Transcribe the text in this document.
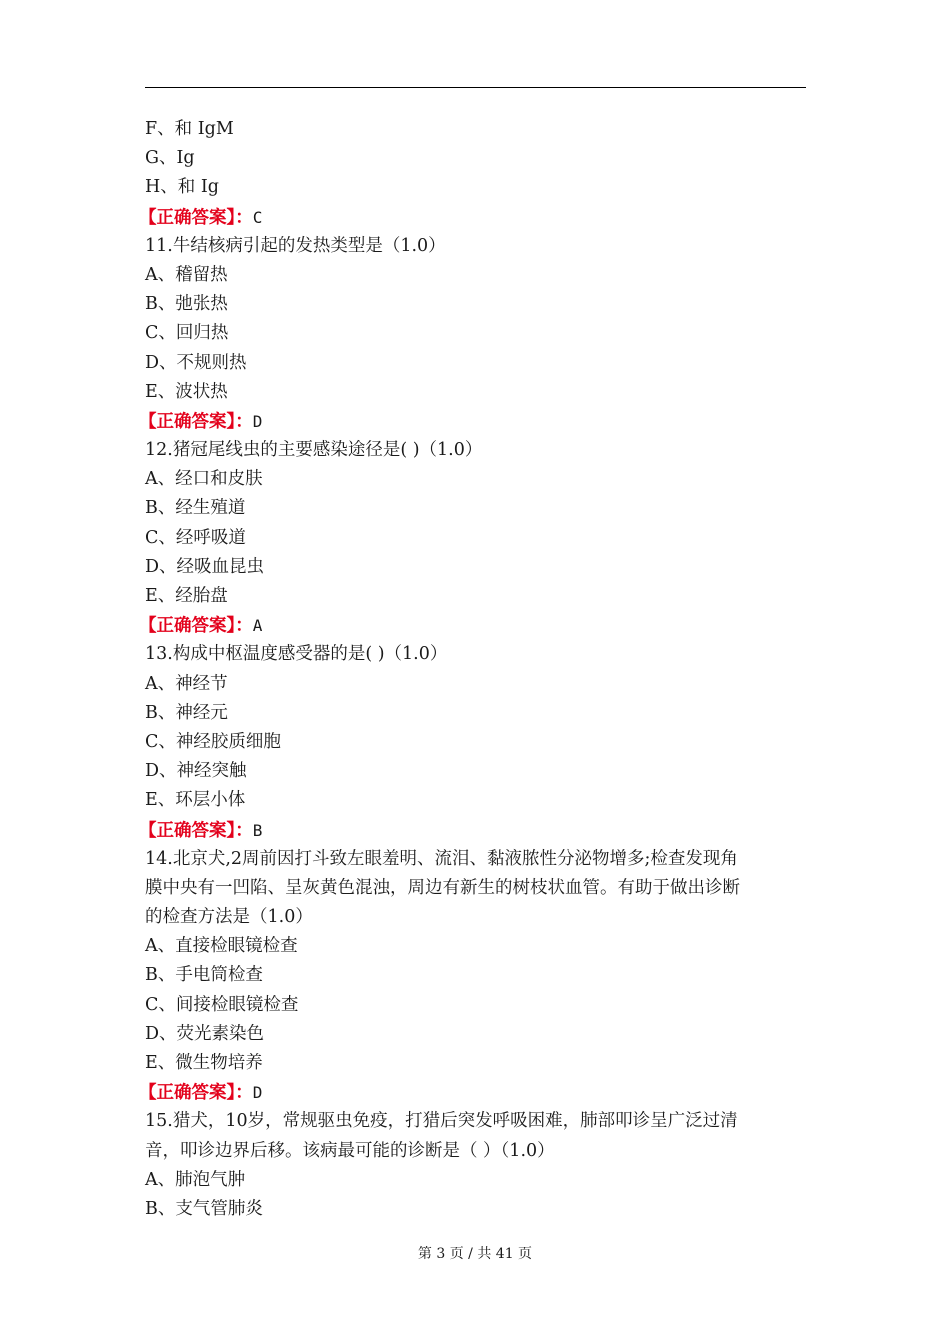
F、和 IgM
G、Ig
H、和 Ig
【正确答案】：C
11.牛结核病引起的发热类型是（1.0）
A、稽留热
B、弛张热
C、回归热
D、不规则热
E、波状热
【正确答案】：D
12.猪冠尾线虫的主要感染途径是( )（1.0）
A、经口和皮肤
B、经生殖道
C、经呼吸道
D、经吸血昆虫
E、经胎盘
【正确答案】：A
13.构成中枢温度感受器的是( )（1.0）
A、神经节
B、神经元
C、神经胶质细胞
D、神经突触
E、环层小体
【正确答案】：B
14.北京犬,2周前因打斗致左眼羞明、流泪、黏液脓性分泌物增多;检查发现角
膜中央有一凹陷、呈灰黄色混浊，周边有新生的树枝状血管。有助于做出诊断
的检查方法是（1.0）
A、直接检眼镜检查
B、手电筒检查
C、间接检眼镜检查
D、荧光素染色
E、微生物培养
【正确答案】：D
15.猎犬，10岁，常规驱虫免疫，打猎后突发呼吸困难，肺部叩诊呈广泛过清
音，叩诊边界后移。该病最可能的诊断是（ ）（1.0）
A、肺泡气肿
B、支气管肺炎
第 3 页 / 共 41 页
